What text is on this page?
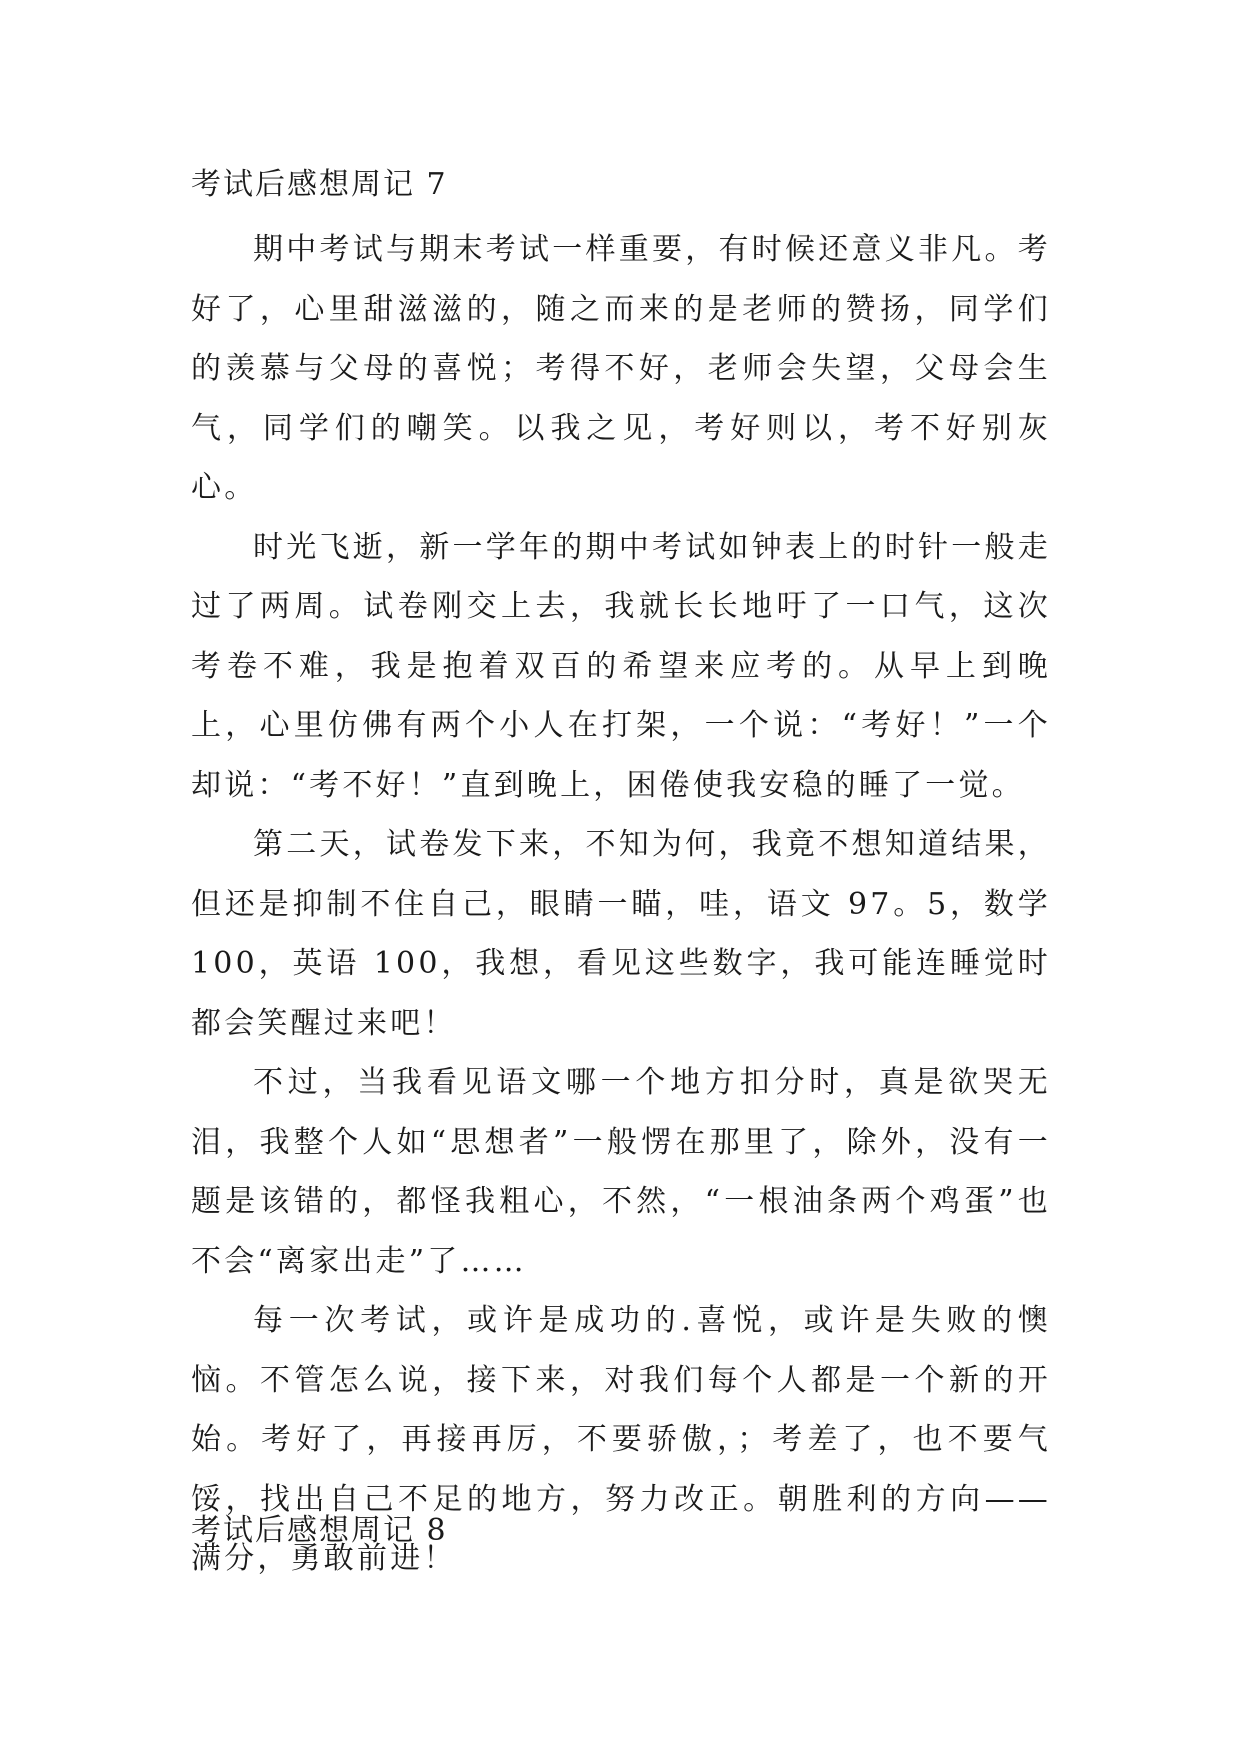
考试后感想周记 7

期中考试与期末考试一样重要，有时候还意义非凡。考好了，心里甜滋滋的，随之而来的是老师的赞扬，同学们的羡慕与父母的喜悦；考得不好，老师会失望，父母会生气，同学们的嘲笑。以我之见，考好则以，考不好别灰心。

时光飞逝，新一学年的期中考试如钟表上的时针一般走过了两周。试卷刚交上去，我就长长地吁了一口气，这次考卷不难，我是抱着双百的希望来应考的。从早上到晚上，心里仿佛有两个小人在打架，一个说：“考好！”一个却说：“考不好！”直到晚上，困倦使我安稳的睡了一觉。

第二天，试卷发下来，不知为何，我竟不想知道结果，但还是抑制不住自己，眼睛一瞄，哇，语文 97。5，数学 100，英语 100，我想，看见这些数字，我可能连睡觉时都会笑醒过来吧！

不过，当我看见语文哪一个地方扣分时，真是欲哭无泪，我整个人如“思想者”一般愣在那里了，除外，没有一题是该错的，都怪我粗心，不然，“一根油条两个鸡蛋”也不会“离家出走”了……

每一次考试，或许是成功的.喜悦，或许是失败的懊恼。不管怎么说，接下来，对我们每个人都是一个新的开始。考好了，再接再厉，不要骄傲，；考差了，也不要气馁，找出自己不足的地方，努力改正。朝胜利的方向——满分，勇敢前进！

考试后感想周记 8
